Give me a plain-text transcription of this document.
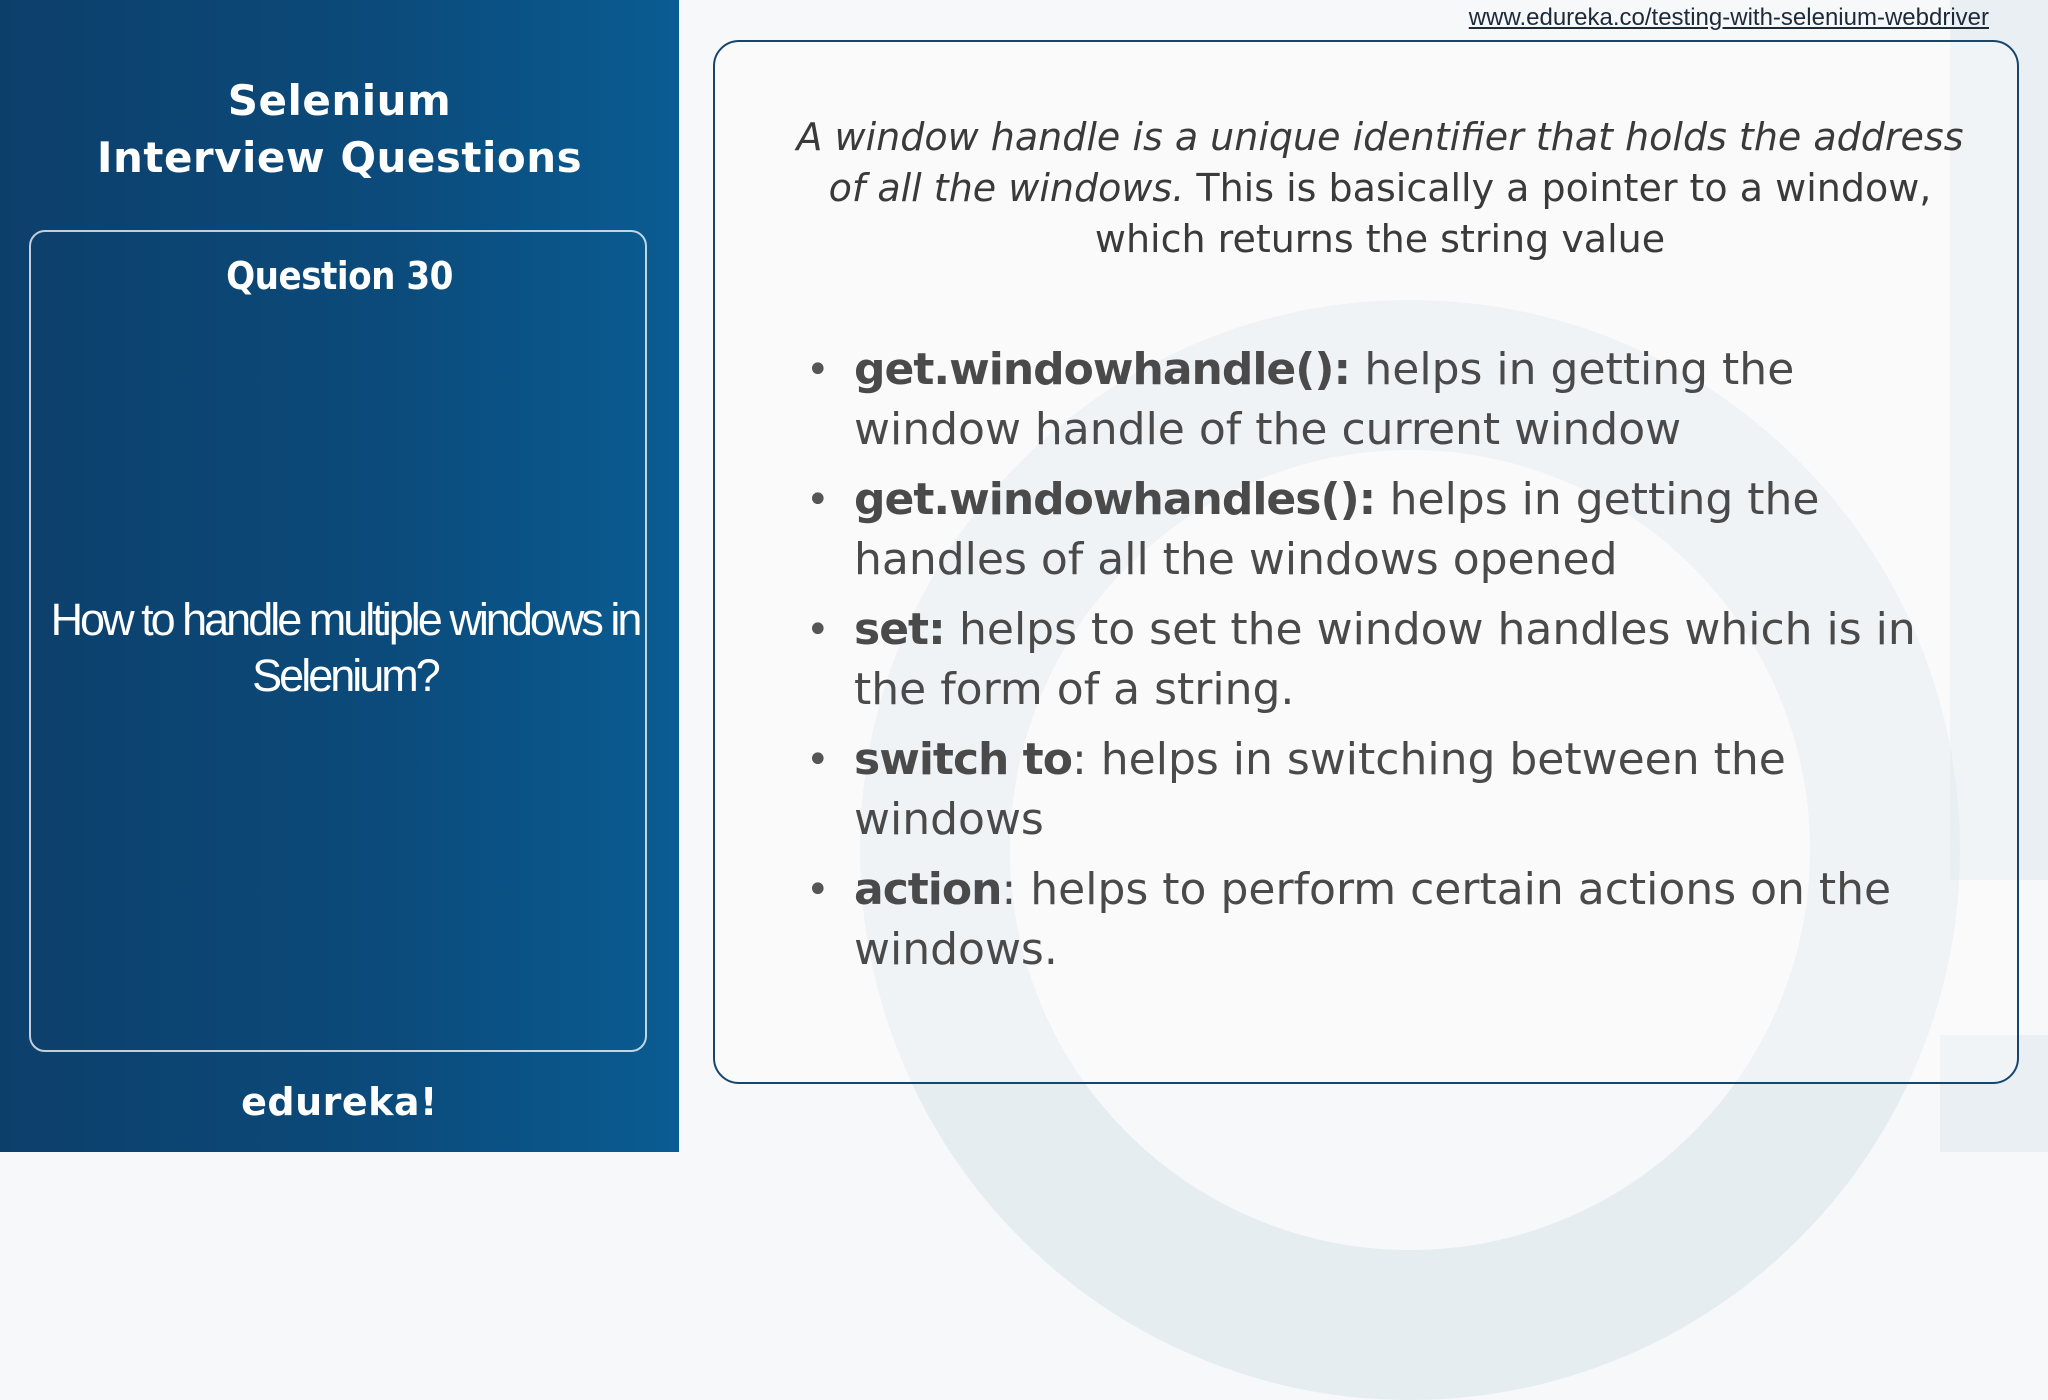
Selenium
Interview Questions
Question 30
How to handle multiple windows in Selenium?
edureka!
www.edureka.co/testing-with-selenium-webdriver
A window handle is a unique identifier that holds the address of all the windows. This is basically a pointer to a window, which returns the string value
• get.windowhandle(): helps in getting the window handle of the current window
• get.windowhandles(): helps in getting the handles of all the windows opened
• set: helps to set the window handles which is in the form of a string.
• switch to: helps in switching between the windows
• action: helps to perform certain actions on the windows.
